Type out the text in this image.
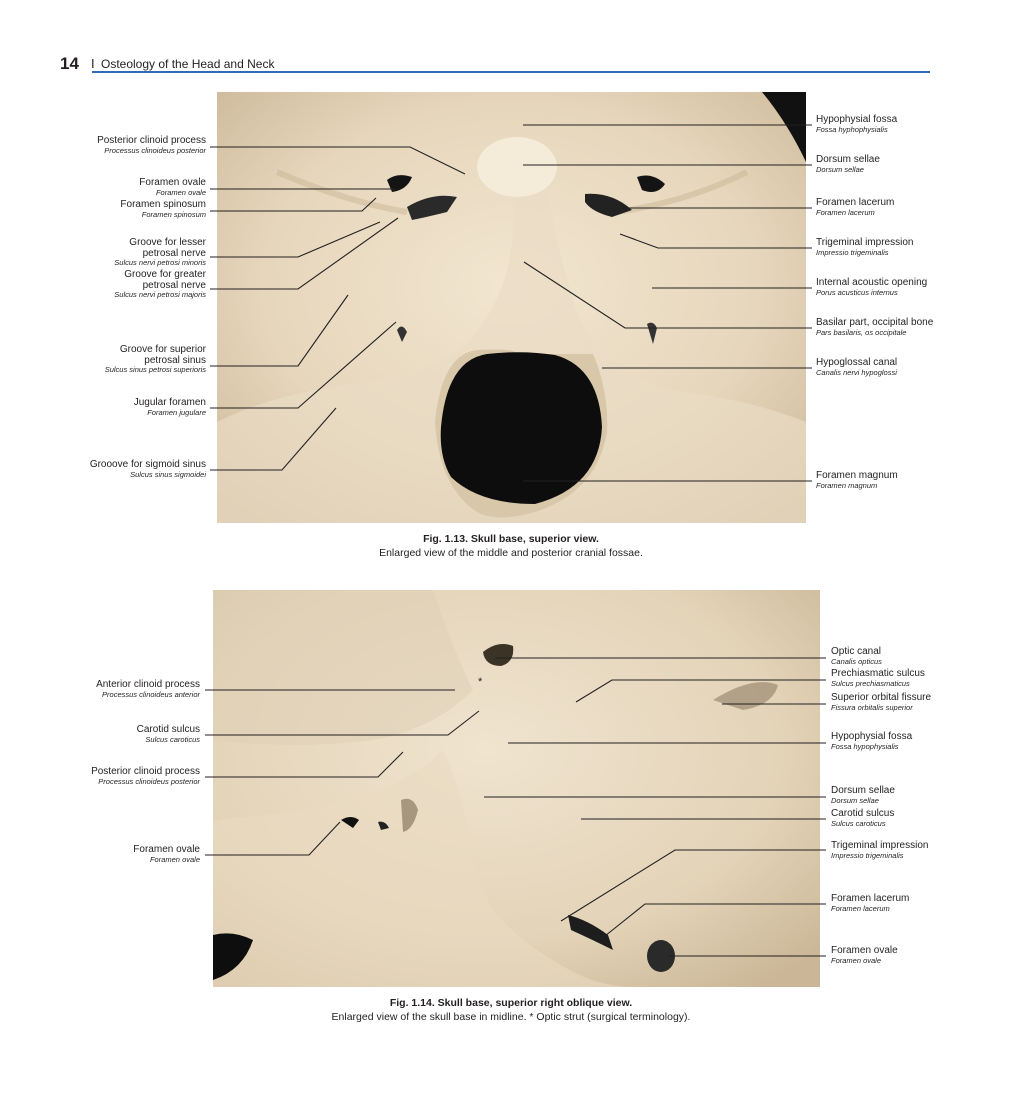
14 I Osteology of the Head and Neck
*
Posterior clinoid process
Processus clinoideus posterior
Foramen ovale
Foramen ovale
Foramen spinosum
Foramen spinosum
Groove for lesser
petrosal nerve
Sulcus nervi petrosi minoris
Groove for greater
petrosal nerve
Sulcus nervi petrosi majoris
Groove for superior
petrosal sinus
Sulcus sinus petrosi superioris
Jugular foramen
Foramen jugulare
Grooove for sigmoid sinus
Sulcus sinus sigmoidei
Hypophysial fossa
Fossa hyphophysialis
Dorsum sellae
Dorsum sellae
Foramen lacerum
Foramen lacerum
Trigeminal impression
Impressio trigeminalis
Internal acoustic opening
Porus acusticus internus
Basilar part, occipital bone
Pars basilaris, os occipitale
Hypoglossal canal
Canalis nervi hypoglossi
Foramen magnum
Foramen magnum
Fig. 1.13. Skull base, superior view.
Enlarged view of the middle and posterior cranial fossae.
Anterior clinoid process
Processus clinoideus anterior
Carotid sulcus
Sulcus caroticus
Posterior clinoid process
Processus clinoideus posterior
Foramen ovale
Foramen ovale
Optic canal
Canalis opticus
Prechiasmatic sulcus
Sulcus prechiasmaticus
Superior orbital fissure
Fissura orbitalis superior
Hypophysial fossa
Fossa hypophysialis
Dorsum sellae
Dorsum sellae
Carotid sulcus
Sulcus caroticus
Trigeminal impression
Impressio trigeminalis
Foramen lacerum
Foramen lacerum
Foramen ovale
Foramen ovale
Fig. 1.14. Skull base, superior right oblique view.
Enlarged view of the skull base in midline. * Optic strut (surgical terminology).
